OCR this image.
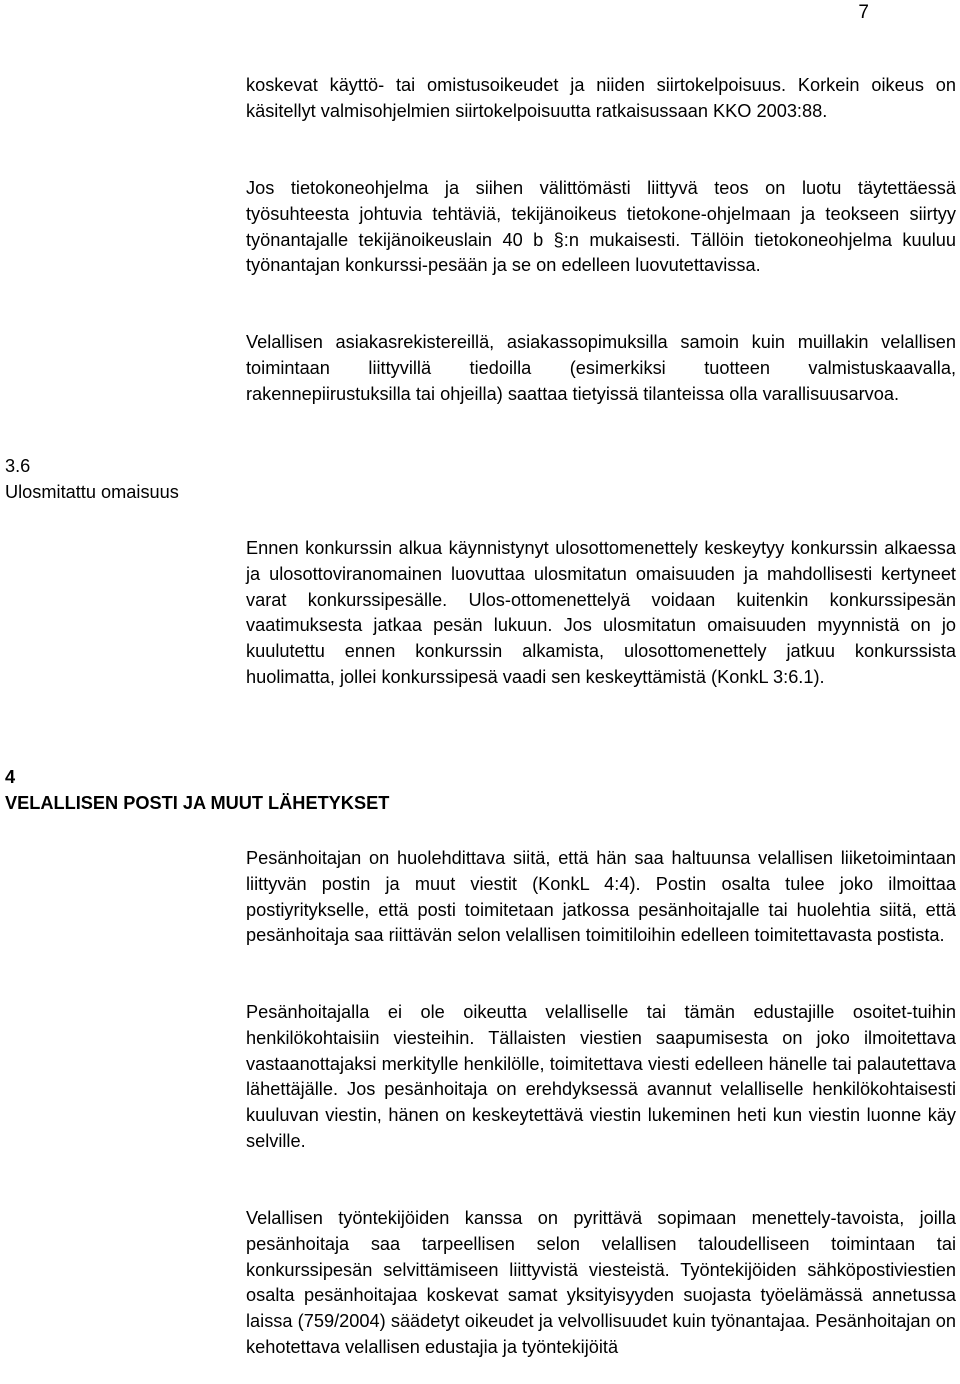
7

koskevat käyttö- tai omistusoikeudet ja niiden siirtokelpoisuus. Korkein oikeus on käsitellyt valmisohjelmien siirtokelpoisuutta ratkaisussaan KKO 2003:88.

Jos tietokoneohjelma ja siihen välittömästi liittyvä teos on luotu täytettäessä työsuhteesta johtuvia tehtäviä, tekijänoikeus tietokone-ohjelmaan ja teokseen siirtyy työnantajalle tekijänoikeuslain 40 b §:n mukaisesti. Tällöin tietokoneohjelma kuuluu työnantajan konkurssi-pesään ja se on edelleen luovutettavissa.

Velallisen asiakasrekistereillä, asiakassopimuksilla samoin kuin muillakin velallisen toimintaan liittyvillä tiedoilla (esimerkiksi tuotteen valmistuskaavalla, rakennepiirustuksilla tai ohjeilla) saattaa tietyissä tilanteissa olla varallisuusarvoa.

3.6
Ulosmitattu omaisuus

Ennen konkurssin alkua käynnistynyt ulosottomenettely keskeytyy konkurssin alkaessa ja ulosottoviranomainen luovuttaa ulosmitatun omaisuuden ja mahdollisesti kertyneet varat konkurssipesälle. Ulos-ottomenettelyä voidaan kuitenkin konkurssipesän vaatimuksesta jatkaa pesän lukuun. Jos ulosmitatun omaisuuden myynnistä on jo kuulutettu ennen konkurssin alkamista, ulosottomenettely jatkuu konkurssista huolimatta, jollei konkurssipesä vaadi sen keskeyttämistä (KonkL 3:6.1).

4
VELALLISEN POSTI JA MUUT LÄHETYKSET

Pesänhoitajan on huolehdittava siitä, että hän saa haltuunsa velallisen liiketoimintaan liittyvän postin ja muut viestit (KonkL 4:4). Postin osalta tulee joko ilmoittaa postiyritykselle, että posti toimitetaan jatkossa pesänhoitajalle tai huolehtia siitä, että pesänhoitaja saa riittävän selon velallisen toimitiloihin edelleen toimitettavasta postista.

Pesänhoitajalla ei ole oikeutta velalliselle tai tämän edustajille osoitet-tuihin henkilökohtaisiin viesteihin. Tällaisten viestien saapumisesta on joko ilmoitettava vastaanottajaksi merkitylle henkilölle, toimitettava viesti edelleen hänelle tai palautettava lähettäjälle. Jos pesänhoitaja on erehdyksessä avannut velalliselle henkilökohtaisesti kuuluvan viestin, hänen on keskeytettävä viestin lukeminen heti kun viestin luonne käy selville.

Velallisen työntekijöiden kanssa on pyrittävä sopimaan menettely-tavoista, joilla pesänhoitaja saa tarpeellisen selon velallisen taloudelliseen toimintaan tai konkurssipesän selvittämiseen liittyvistä viesteistä. Työntekijöiden sähköpostiviestien osalta pesänhoitajaa koskevat samat yksityisyyden suojasta työelämässä annetussa laissa (759/2004) säädetyt oikeudet ja velvollisuudet kuin työnantajaa. Pesänhoitajan on kehotettava velallisen edustajia ja työntekijöitä
